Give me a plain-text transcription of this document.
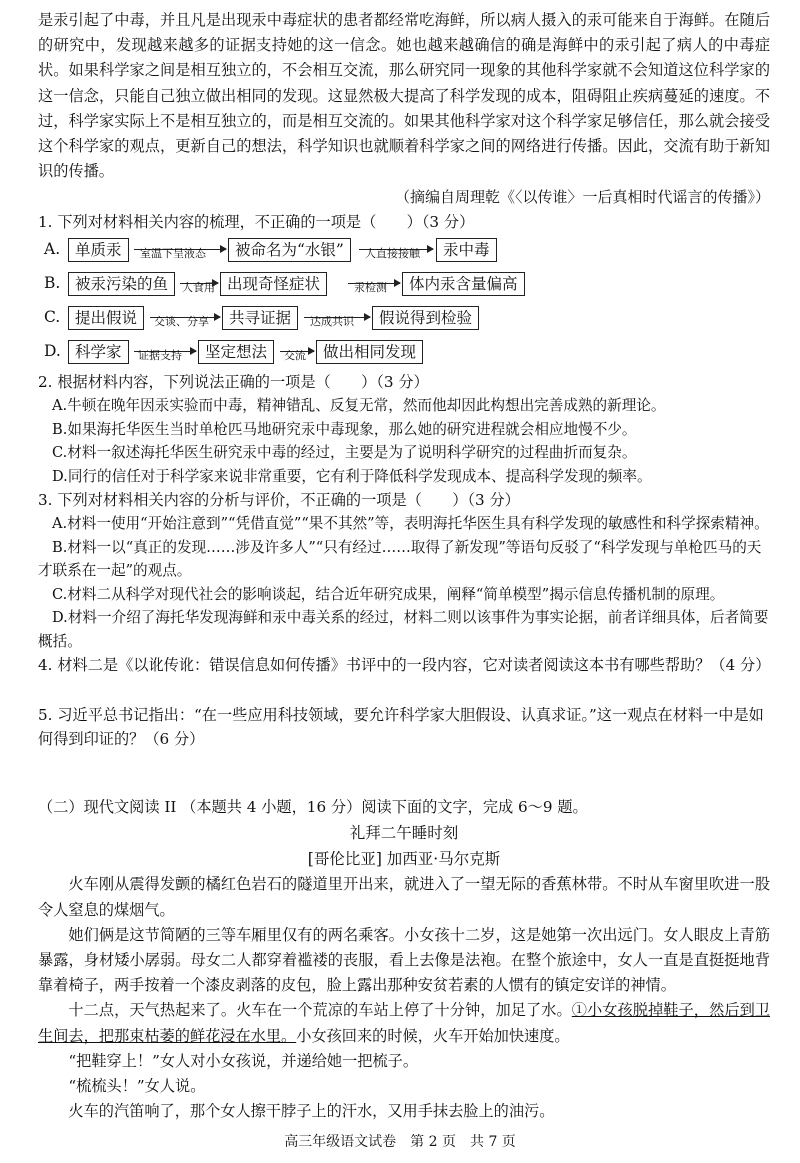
是汞引起了中毒，并且凡是出现汞中毒症状的患者都经常吃海鲜，所以病人摄入的汞可能来自于海鲜。在随后的研究中，发现越来越多的证据支持她的这一信念。她也越来越确信的确是海鲜中的汞引起了病人的中毒症状。如果科学家之间是相互独立的，不会相互交流，那么研究同一现象的其他科学家就不会知道这位科学家的这一信念，只能自己独立做出相同的发现。这显然极大提高了科学发现的成本，阻碍阻止疾病蔓延的速度。不过，科学家实际上不是相互独立的，而是相互交流的。如果其他科学家对这个科学家足够信任，那么就会接受这个科学家的观点，更新自己的想法，科学知识也就顺着科学家之间的网络进行传播。因此，交流有助于新知识的传播。

（摘编自周理乾《〈以传谁〉一后真相时代谣言的传播》）

1. 下列对材料相关内容的梳理，不正确的一项是（　　）（3 分）

A. 单质汞	室温下呈液态	被命名为“水银”	人直接接触	汞中毒
B. 被汞污染的鱼	人食用 出现奇怪症状	汞检测	体内汞含量偏高
C. 提出假说	交谈、分享	共寻证据	达成共识	假说得到检验
D. 科学家	证据支持	坚定想法	交流	做出相同发现

2. 根据材料内容，下列说法正确的一项是（　　）（3 分）

A.牛顿在晚年因汞实验而中毒，精神错乱、反复无常，然而他却因此构想出完善成熟的新理论。

B.如果海托华医生当时单枪匹马地研究汞中毒现象，那么她的研究进程就会相应地慢不少。

C.材料一叙述海托华医生研究汞中毒的经过，主要是为了说明科学研究的过程曲折而复杂。

D.同行的信任对于科学家来说非常重要，它有利于降低科学发现成本、提高科学发现的频率。

3. 下列对材料相关内容的分析与评价，不正确的一项是（　　）（3 分）

A.材料一使用“开始注意到”“凭借直觉”“果不其然”等，表明海托华医生具有科学发现的敏感性和科学探索精神。

B.材料一以“真正的发现……涉及许多人”“只有经过……取得了新发现”等语句反驳了“科学发现与单枪匹马的天才联系在一起”的观点。

C.材料二从科学对现代社会的影响谈起，结合近年研究成果，阐释“简单模型”揭示信息传播机制的原理。

D.材料一介绍了海托华发现海鲜和汞中毒关系的经过，材料二则以该事件为事实论据，前者详细具体，后者简要概括。

4. 材料二是《以讹传讹：错误信息如何传播》书评中的一段内容，它对读者阅读这本书有哪些帮助？（4 分）

5. 习近平总书记指出：“在一些应用科技领域，要允许科学家大胆假设、认真求证。”这一观点在材料一中是如何得到印证的？（6 分）

（二）现代文阅读 II （本题共 4 小题，16 分）阅读下面的文字，完成 6～9 题。

礼拜二午睡时刻

[哥伦比亚] 加西亚·马尔克斯

火车刚从震得发颤的橘红色岩石的隧道里开出来，就进入了一望无际的香蕉林带。不时从车窗里吹进一股令人窒息的煤烟气。

她们俩是这节简陋的三等车厢里仅有的两名乘客。小女孩十二岁，这是她第一次出远门。女人眼皮上青筋暴露，身材矮小孱弱。母女二人都穿着褴褛的丧服，看上去像是法袍。在整个旅途中，女人一直是直挺挺地背靠着椅子，两手按着一个漆皮剥落的皮包，脸上露出那种安贫若素的人惯有的镇定安详的神情。

十二点，天气热起来了。火车在一个荒凉的车站上停了十分钟，加足了水。①小女孩脱掉鞋子，然后到卫生间去，把那束枯萎的鲜花浸在水里。小女孩回来的时候，火车开始加快速度。

“把鞋穿上！”女人对小女孩说，并递给她一把梳子。

“梳梳头！”女人说。

火车的汽笛响了，那个女人擦干脖子上的汗水，又用手抹去脸上的油污。

高三年级语文试卷　第 2 页　共 7 页
